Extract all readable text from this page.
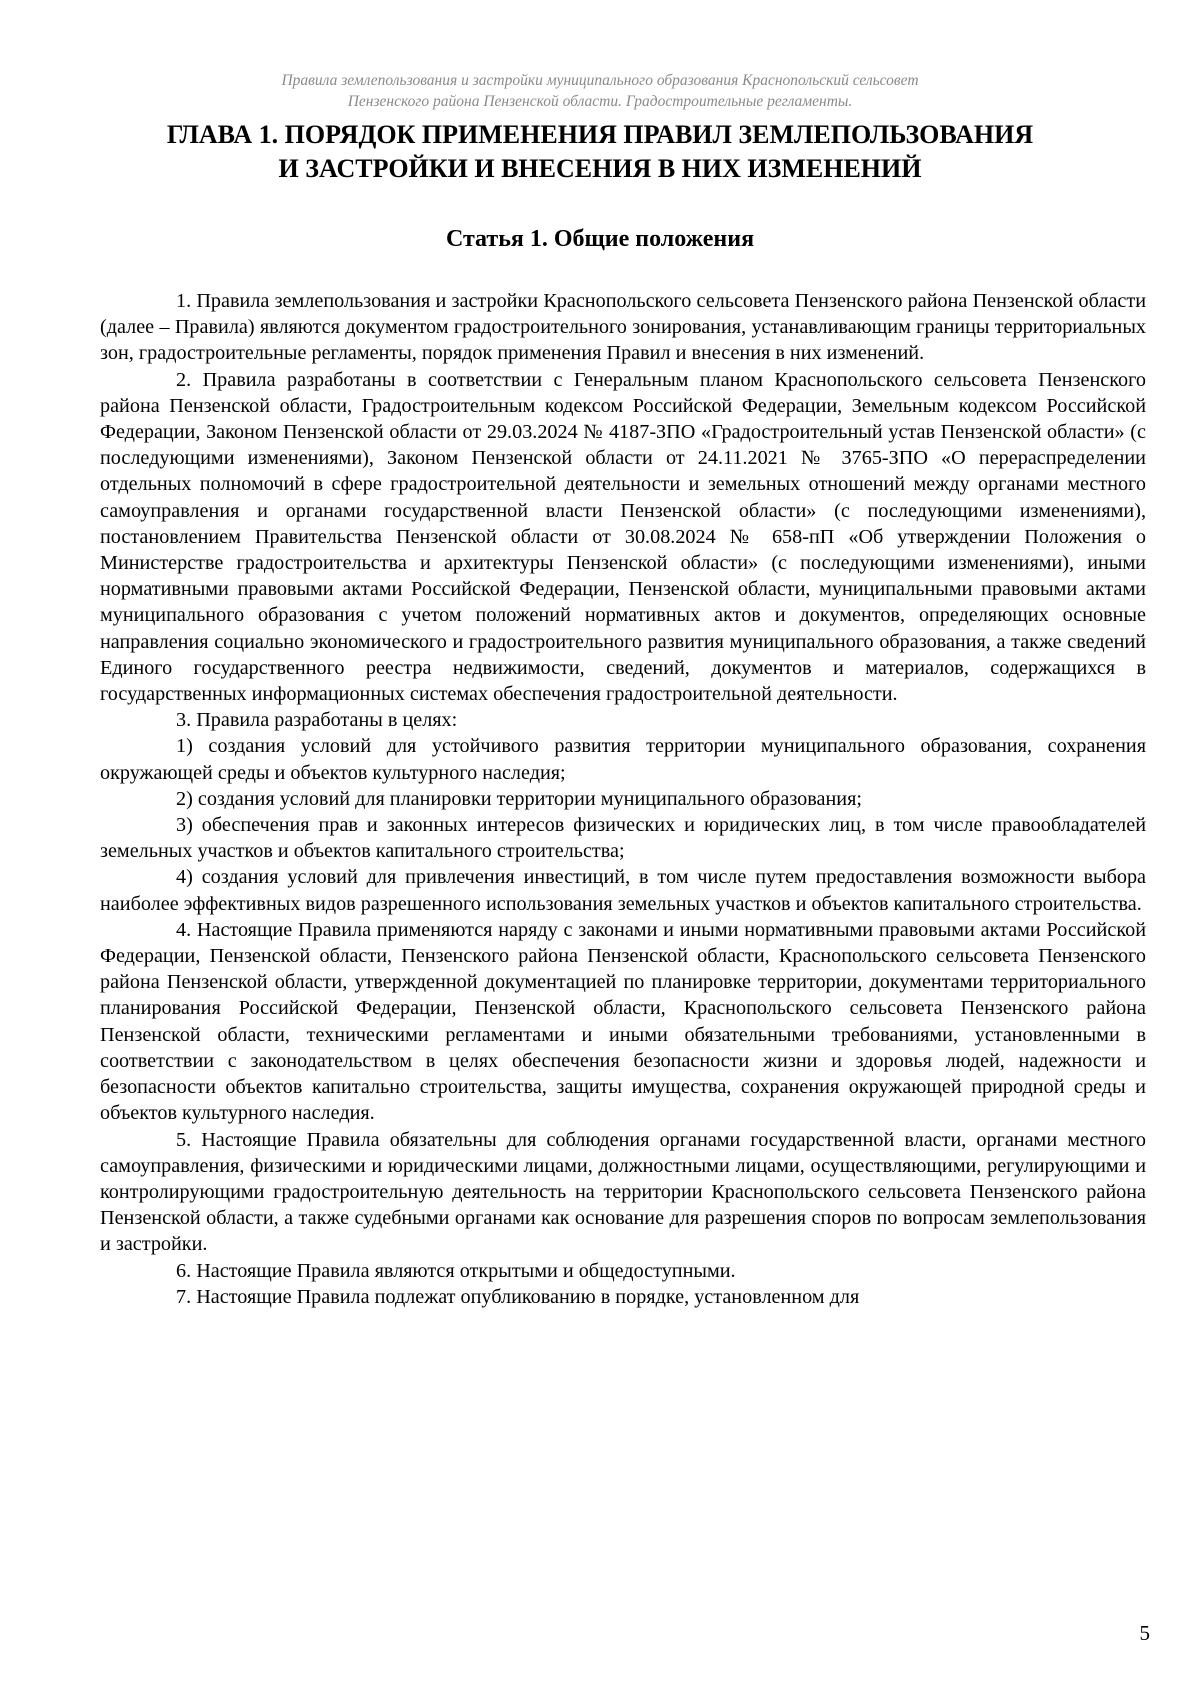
Правила землепользования и застройки муниципального образования Краснопольский сельсовет
Пензенского района Пензенской области. Градостроительные регламенты.
ГЛАВА 1. ПОРЯДОК ПРИМЕНЕНИЯ ПРАВИЛ ЗЕМЛЕПОЛЬЗОВАНИЯ
И ЗАСТРОЙКИ И ВНЕСЕНИЯ В НИХ ИЗМЕНЕНИЙ
Статья 1. Общие положения

1. Правила землепользования и застройки Краснопольского сельсовета Пензенского района Пензенской области (далее – Правила) являются документом градостроительного зонирования, устанавливающим границы территориальных зон, градостроительные регламенты, порядок применения Правил и внесения в них изменений.

2. Правила разработаны в соответствии с Генеральным планом Краснопольского сельсовета Пензенского района Пензенской области, Градостроительным кодексом Российской Федерации, Земельным кодексом Российской Федерации, Законом Пензенской области от 29.03.2024 № 4187-ЗПО «Градостроительный устав Пензенской области» (с последующими изменениями), Законом Пензенской области от 24.11.2021 № 3765-ЗПО «О перераспределении отдельных полномочий в сфере градостроительной деятельности и земельных отношений между органами местного самоуправления и органами государственной власти Пензенской области» (с последующими изменениями), постановлением Правительства Пензенской области от 30.08.2024 № 658-пП «Об утверждении Положения о Министерстве градостроительства и архитектуры Пензенской области» (с последующими изменениями), иными нормативными правовыми актами Российской Федерации, Пензенской области, муниципальными правовыми актами муниципального образования с учетом положений нормативных актов и документов, определяющих основные направления социально экономического и градостроительного развития муниципального образования, а также сведений Единого государственного реестра недвижимости, сведений, документов и материалов, содержащихся в государственных информационных системах обеспечения градостроительной деятельности.

3. Правила разработаны в целях:

1) создания условий для устойчивого развития территории муниципального образования, сохранения окружающей среды и объектов культурного наследия;

2) создания условий для планировки территории муниципального образования;

3) обеспечения прав и законных интересов физических и юридических лиц, в том числе правообладателей земельных участков и объектов капитального строительства;

4) создания условий для привлечения инвестиций, в том числе путем предоставления возможности выбора наиболее эффективных видов разрешенного использования земельных участков и объектов капитального строительства.

4. Настоящие Правила применяются наряду с законами и иными нормативными правовыми актами Российской Федерации, Пензенской области, Пензенского района Пензенской области, Краснопольского сельсовета Пензенского района Пензенской области, утвержденной документацией по планировке территории, документами территориального планирования Российской Федерации, Пензенской области, Краснопольского сельсовета Пензенского района Пензенской области, техническими регламентами и иными обязательными требованиями, установленными в соответствии с законодательством в целях обеспечения безопасности жизни и здоровья людей, надежности и безопасности объектов капитально строительства, защиты имущества, сохранения окружающей природной среды и объектов культурного наследия.

5. Настоящие Правила обязательны для соблюдения органами государственной власти, органами местного самоуправления, физическими и юридическими лицами, должностными лицами, осуществляющими, регулирующими и контролирующими градостроительную деятельность на территории Краснопольского сельсовета Пензенского района Пензенской области, а также судебными органами как основание для разрешения споров по вопросам землепользования и застройки.

6. Настоящие Правила являются открытыми и общедоступными.

7. Настоящие Правила подлежат опубликованию в порядке, установленном для

5
